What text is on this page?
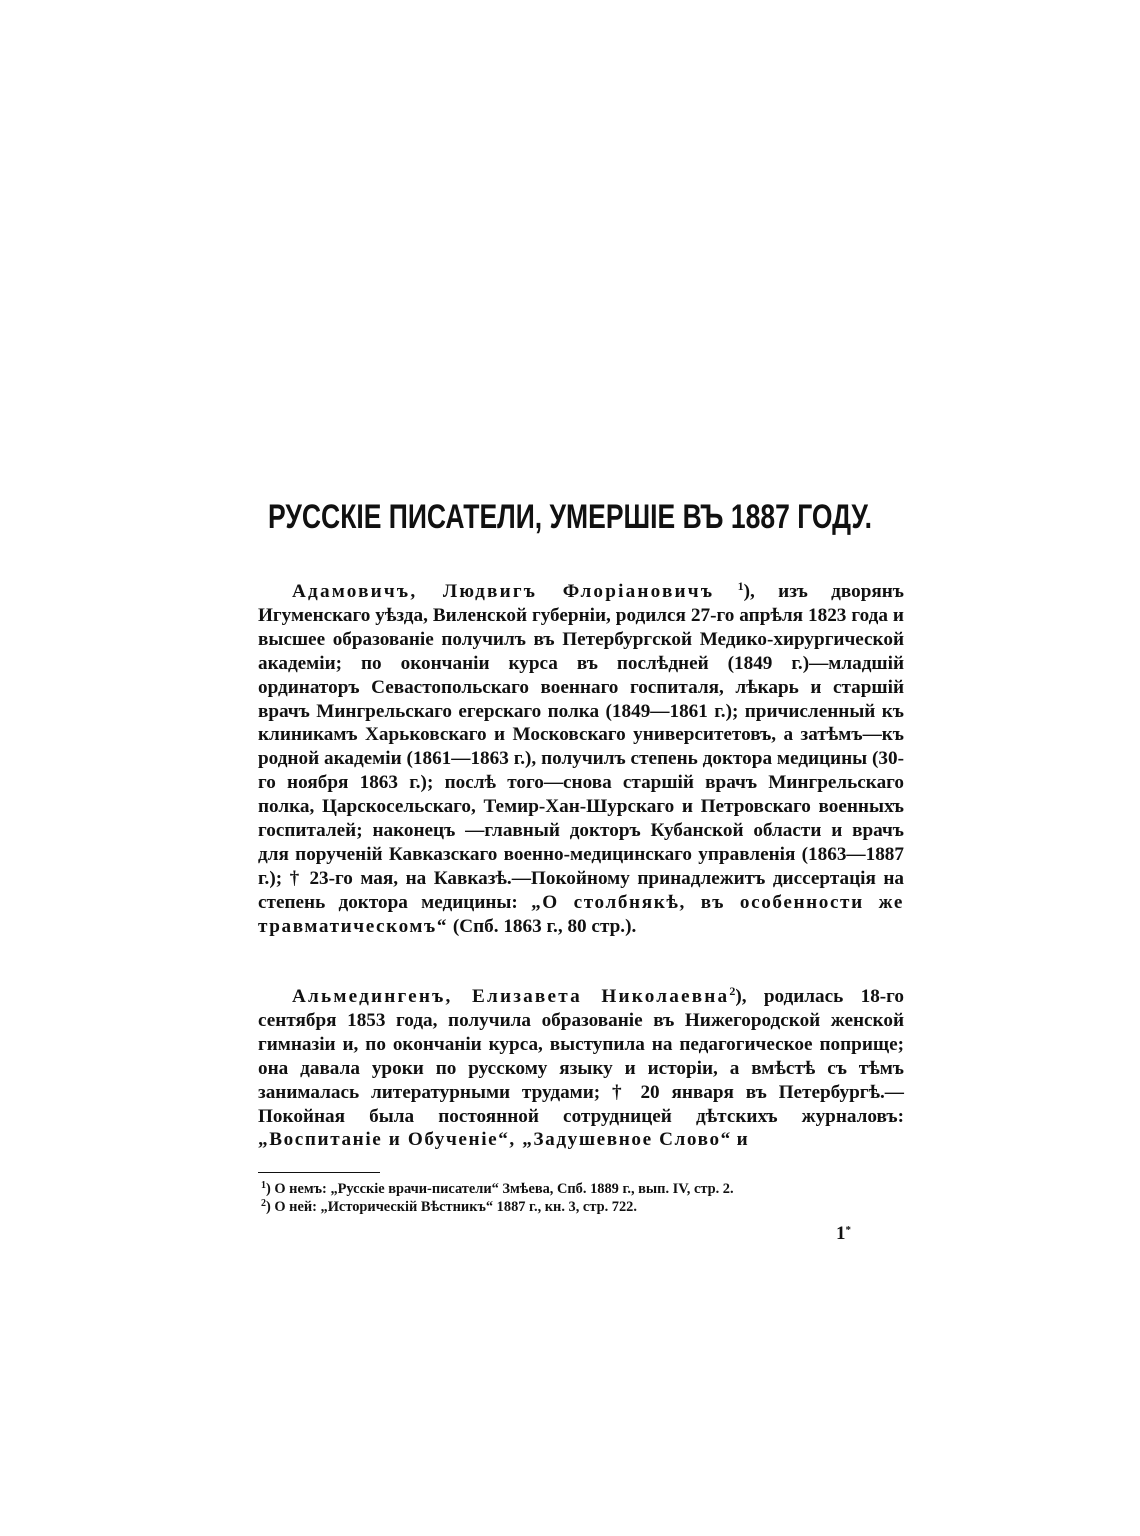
РУССКІЕ ПИСАТЕЛИ, УМЕРШІЕ ВЪ 1887 ГОДУ.

Адамовичъ, Людвигъ Флоріановичъ $^1$), изъ дворянъ Игуменскаго уѣзда, Виленской губерніи, родился 27-го апрѣля 1823 года и высшее образованіе получилъ въ Петербургской Медико-хирургической академіи; по окончаніи курса въ послѣдней (1849 г.)—младшій ординаторъ Севастопольскаго военнаго госпиталя, лѣкарь и старшій врачъ Мингрельскаго егерскаго полка (1849—1861 г.); причисленный къ клиникамъ Харьковскаго и Московскаго университетовъ, а затѣмъ—къ родной академіи (1861—1863 г.), получилъ степень доктора медицины (30-го ноября 1863 г.); послѣ того—снова старшій врачъ Мингрельскаго полка, Царскосельскаго, Темир-Хан-Шурскаго и Петровскаго военныхъ госпиталей; наконецъ —главный докторъ Кубанской области и врачъ для порученій Кавказскаго военно-медицинскаго управленія (1863—1887 г.); † 23-го мая, на Кавказѣ.—Покойному принадлежитъ диссертація на степень доктора медицины: „О столбнякѣ, въ особенности же травматическомъ“ (Спб. 1863 г., 80 стр.).

Альмедингенъ, Елизавета Николаевна$^2$), родилась 18-го сентября 1853 года, получила образованіе въ Нижегородской женской гимназіи и, по окончаніи курса, выступила на педагогическое поприще; она давала уроки по русскому языку и исторіи, а вмѣстѣ съ тѣмъ занималась литературными трудами; † 20 января въ Петербургѣ.—Покойная была постоянной сотрудницей дѣтскихъ журналовъ: „Воспитаніе и Обученіе“, „Задушевное Слово“ и

$^1$) О немъ: „Русскіе врачи-писатели“ Змѣева, Спб. 1889 г., вып. IV, стр. 2.

$^2$) О ней: „Историческій Вѣстникъ“ 1887 г., кн. 3, стр. 722.

1*
